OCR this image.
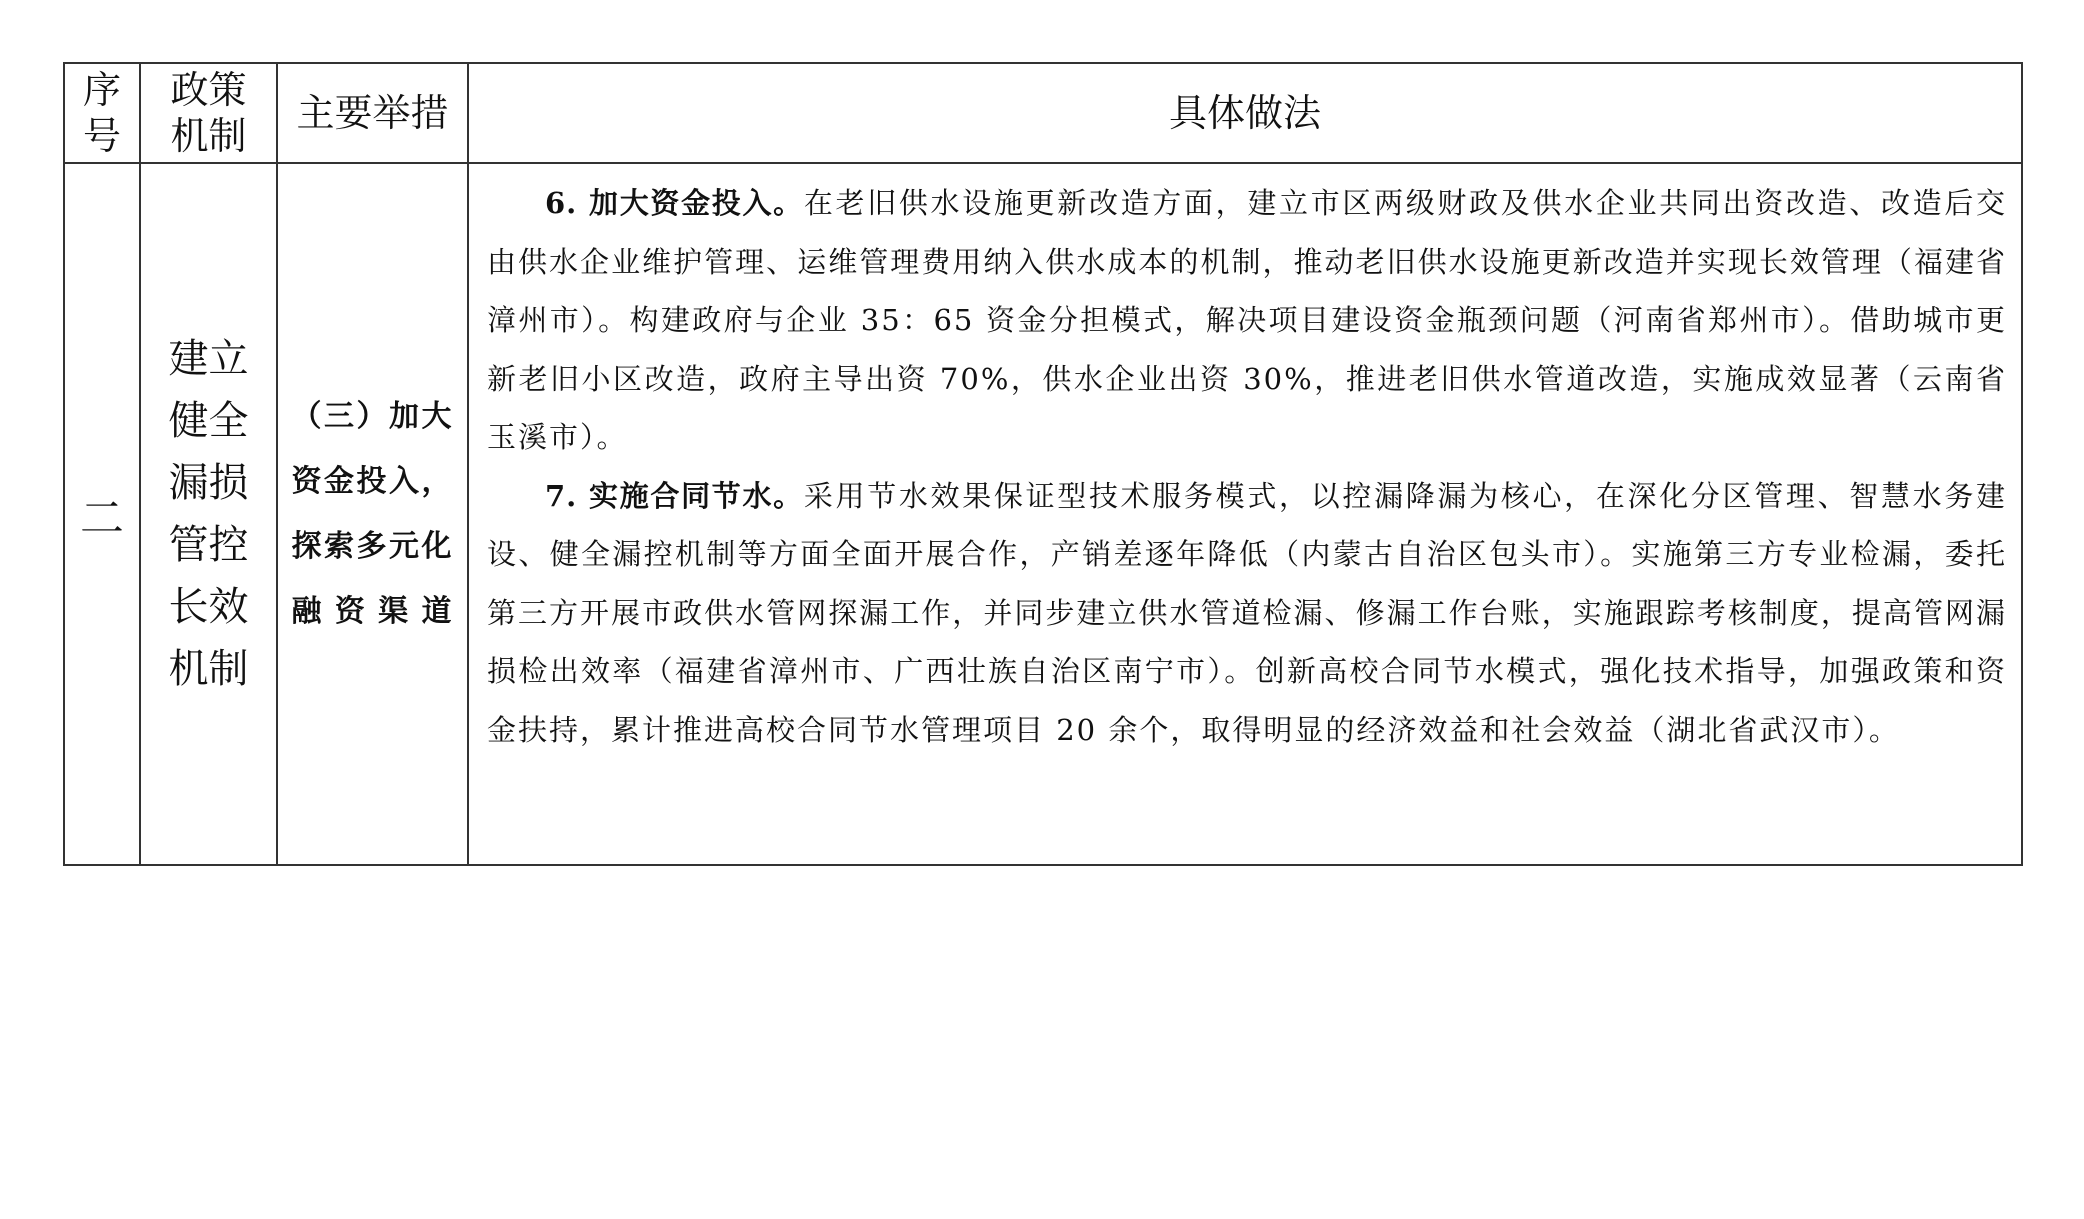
序号	政策机制	主要举措	具体做法
二	建立健全漏损管控长效机制	（三）加大资金投入，探索多元化融资渠道	6. 加大资金投入。在老旧供水设施更新改造方面，建立市区两级财政及供水企业共同出资改造、改造后交由供水企业维护管理、运维管理费用纳入供水成本的机制，推动老旧供水设施更新改造并实现长效管理（福建省漳州市）。构建政府与企业 35：65 资金分担模式，解决项目建设资金瓶颈问题（河南省郑州市）。借助城市更新老旧小区改造，政府主导出资 70%，供水企业出资 30%，推进老旧供水管道改造，实施成效显著（云南省玉溪市）。

7. 实施合同节水。采用节水效果保证型技术服务模式，以控漏降漏为核心，在深化分区管理、智慧水务建设、健全漏控机制等方面全面开展合作，产销差逐年降低（内蒙古自治区包头市）。实施第三方专业检漏，委托第三方开展市政供水管网探漏工作，并同步建立供水管道检漏、修漏工作台账，实施跟踪考核制度，提高管网漏损检出效率（福建省漳州市、广西壮族自治区南宁市）。创新高校合同节水模式，强化技术指导，加强政策和资金扶持，累计推进高校合同节水管理项目 20 余个，取得明显的经济效益和社会效益（湖北省武汉市）。
